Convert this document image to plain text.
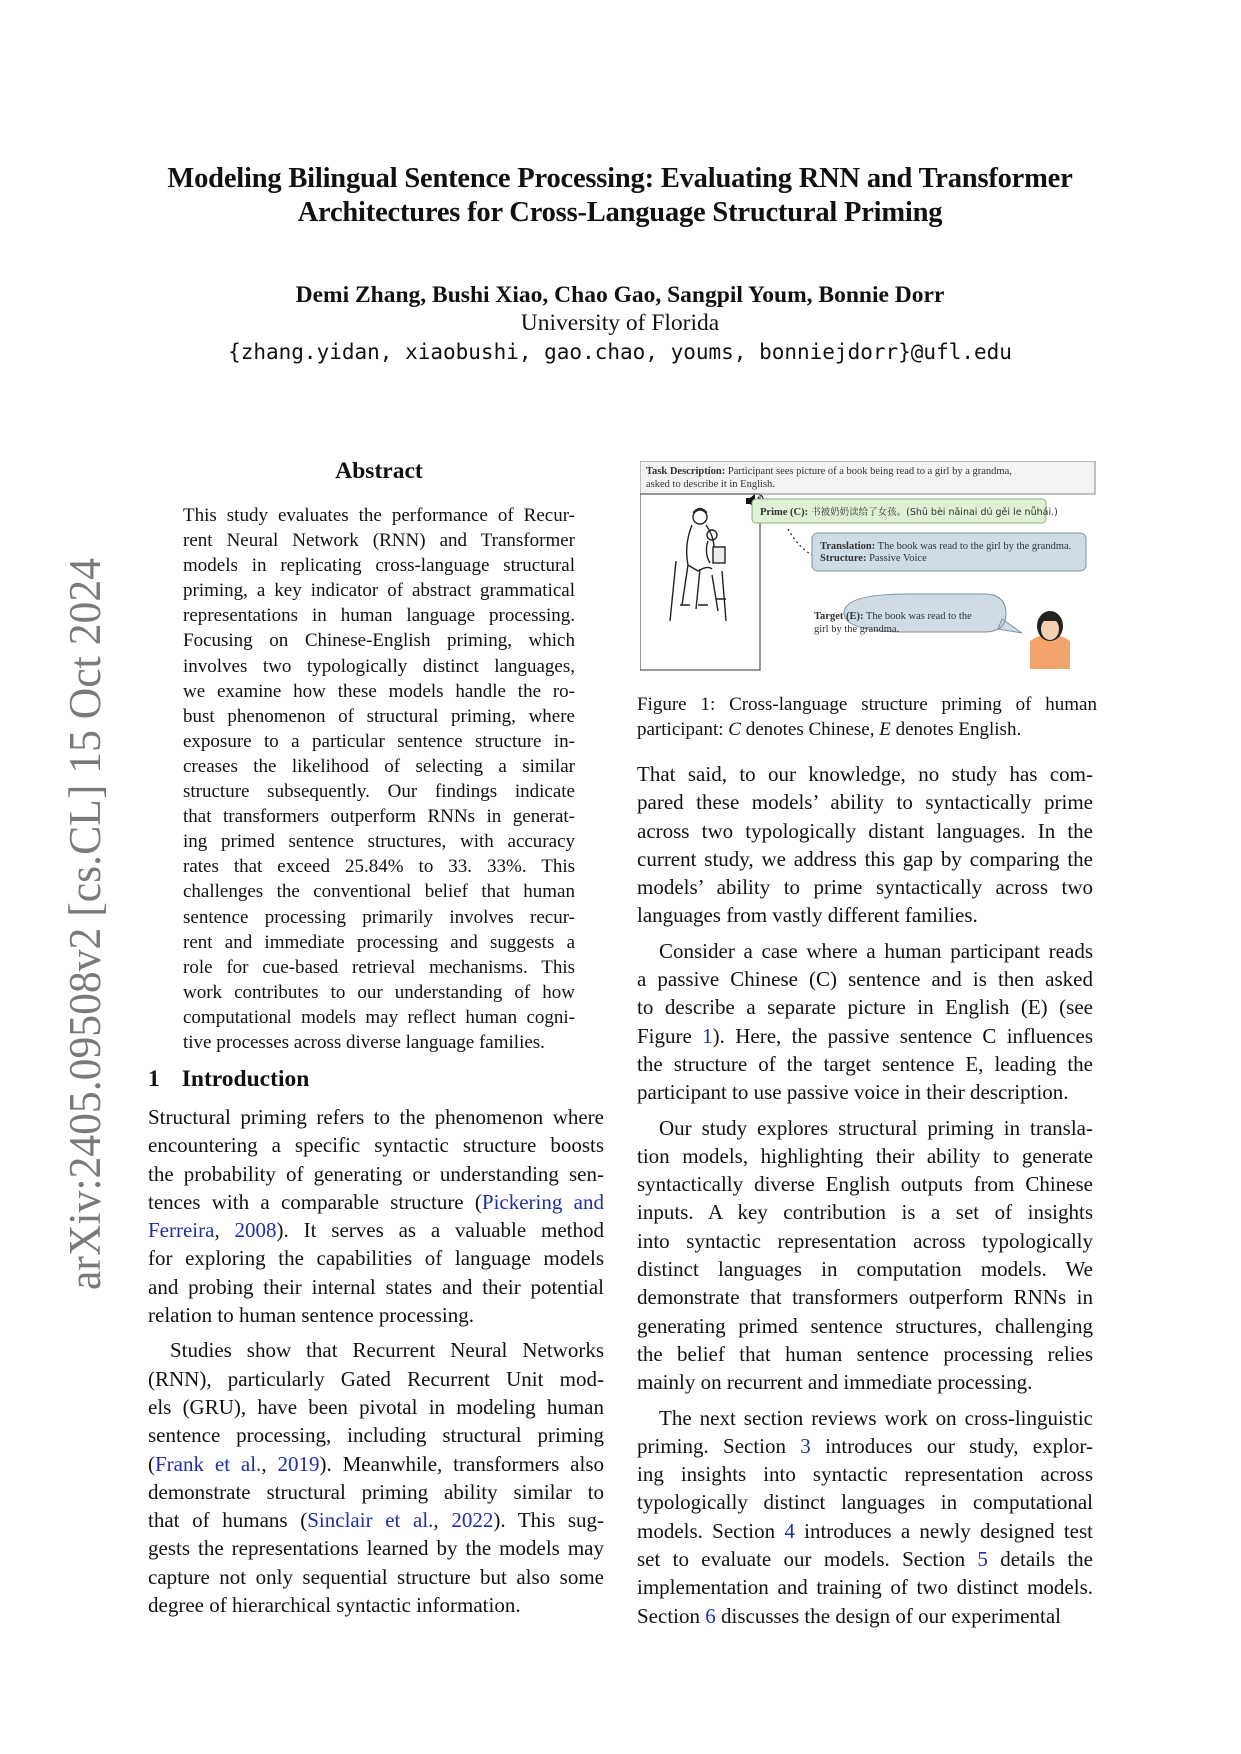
arXiv:2405.09508v2 [cs.CL] 15 Oct 2024
Modeling Bilingual Sentence Processing: Evaluating RNN and Transformer
Architectures for Cross-Language Structural Priming
Demi Zhang, Bushi Xiao, Chao Gao, Sangpil Youm, Bonnie Dorr
University of Florida
{zhang.yidan, xiaobushi, gao.chao, youms, bonniejdorr}@ufl.edu
Abstract
This study evaluates the performance of Recur-
rent Neural Network (RNN) and Transformer
models in replicating cross-language structural
priming, a key indicator of abstract grammatical
representations in human language processing.
Focusing on Chinese-English priming, which
involves two typologically distinct languages,
we examine how these models handle the ro-
bust phenomenon of structural priming, where
exposure to a particular sentence structure in-
creases the likelihood of selecting a similar
structure subsequently. Our findings indicate
that transformers outperform RNNs in generat-
ing primed sentence structures, with accuracy
rates that exceed 25.84% to 33. 33%. This
challenges the conventional belief that human
sentence processing primarily involves recur-
rent and immediate processing and suggests a
role for cue-based retrieval mechanisms. This
work contributes to our understanding of how
computational models may reflect human cogni-
tive processes across diverse language families.
1 Introduction
Structural priming refers to the phenomenon where
encountering a specific syntactic structure boosts
the probability of generating or understanding sen-
tences with a comparable structure (Pickering and
Ferreira, 2008). It serves as a valuable method
for exploring the capabilities of language models
and probing their internal states and their potential
relation to human sentence processing.
Studies show that Recurrent Neural Networks
(RNN), particularly Gated Recurrent Unit mod-
els (GRU), have been pivotal in modeling human
sentence processing, including structural priming
(Frank et al., 2019). Meanwhile, transformers also
demonstrate structural priming ability similar to
that of humans (Sinclair et al., 2022). This sug-
gests the representations learned by the models may
capture not only sequential structure but also some
degree of hierarchical syntactic information.
Task Description: Participant sees picture of a book being read to a girl by a grandma,
asked to describe it in English.
Prime (C): 书被奶奶读给了女孩。(Shū bèi nǎinai dú gěi le nǚhái.)
Translation: The book was read to the girl by the grandma.
Structure: Passive Voice
Target (E): The book was read to the
girl by the grandma.
Figure 1: Cross-language structure priming of human
participant: C denotes Chinese, E denotes English.
That said, to our knowledge, no study has com-
pared these models’ ability to syntactically prime
across two typologically distant languages. In the
current study, we address this gap by comparing the
models’ ability to prime syntactically across two
languages from vastly different families.
Consider a case where a human participant reads
a passive Chinese (C) sentence and is then asked
to describe a separate picture in English (E) (see
Figure 1). Here, the passive sentence C influences
the structure of the target sentence E, leading the
participant to use passive voice in their description.
Our study explores structural priming in transla-
tion models, highlighting their ability to generate
syntactically diverse English outputs from Chinese
inputs. A key contribution is a set of insights
into syntactic representation across typologically
distinct languages in computation models. We
demonstrate that transformers outperform RNNs in
generating primed sentence structures, challenging
the belief that human sentence processing relies
mainly on recurrent and immediate processing.
The next section reviews work on cross-linguistic
priming. Section 3 introduces our study, explor-
ing insights into syntactic representation across
typologically distinct languages in computational
models. Section 4 introduces a newly designed test
set to evaluate our models. Section 5 details the
implementation and training of two distinct models.
Section 6 discusses the design of our experimental
